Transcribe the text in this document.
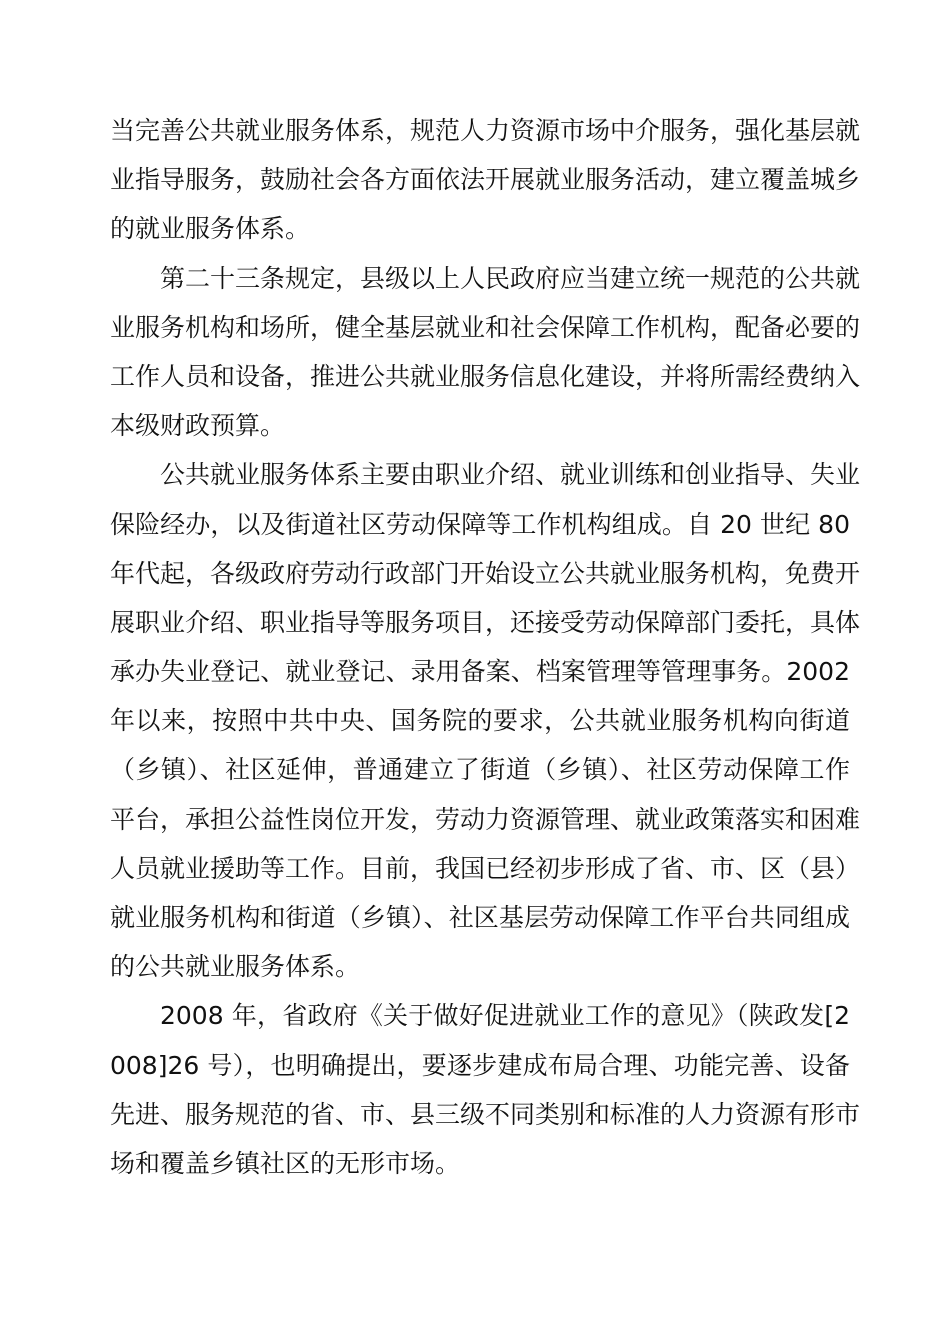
当完善公共就业服务体系，规范人力资源市场中介服务，强化基层就
业指导服务，鼓励社会各方面依法开展就业服务活动，建立覆盖城乡
的就业服务体系。
第二十三条规定，县级以上人民政府应当建立统一规范的公共就
业服务机构和场所，健全基层就业和社会保障工作机构，配备必要的
工作人员和设备，推进公共就业服务信息化建设，并将所需经费纳入
本级财政预算。
公共就业服务体系主要由职业介绍、就业训练和创业指导、失业
保险经办，以及街道社区劳动保障等工作机构组成。自 20 世纪 80
年代起，各级政府劳动行政部门开始设立公共就业服务机构，免费开
展职业介绍、职业指导等服务项目，还接受劳动保障部门委托，具体
承办失业登记、就业登记、录用备案、档案管理等管理事务。2002
年以来，按照中共中央、国务院的要求，公共就业服务机构向街道
（乡镇）、社区延伸，普通建立了街道（乡镇）、社区劳动保障工作
平台，承担公益性岗位开发，劳动力资源管理、就业政策落实和困难
人员就业援助等工作。目前，我国已经初步形成了省、市、区（县）
就业服务机构和街道（乡镇）、社区基层劳动保障工作平台共同组成
的公共就业服务体系。
2008 年，省政府《关于做好促进就业工作的意见》（陕政发[2
008]26 号），也明确提出，要逐步建成布局合理、功能完善、设备
先进、服务规范的省、市、县三级不同类别和标准的人力资源有形市
场和覆盖乡镇社区的无形市场。
